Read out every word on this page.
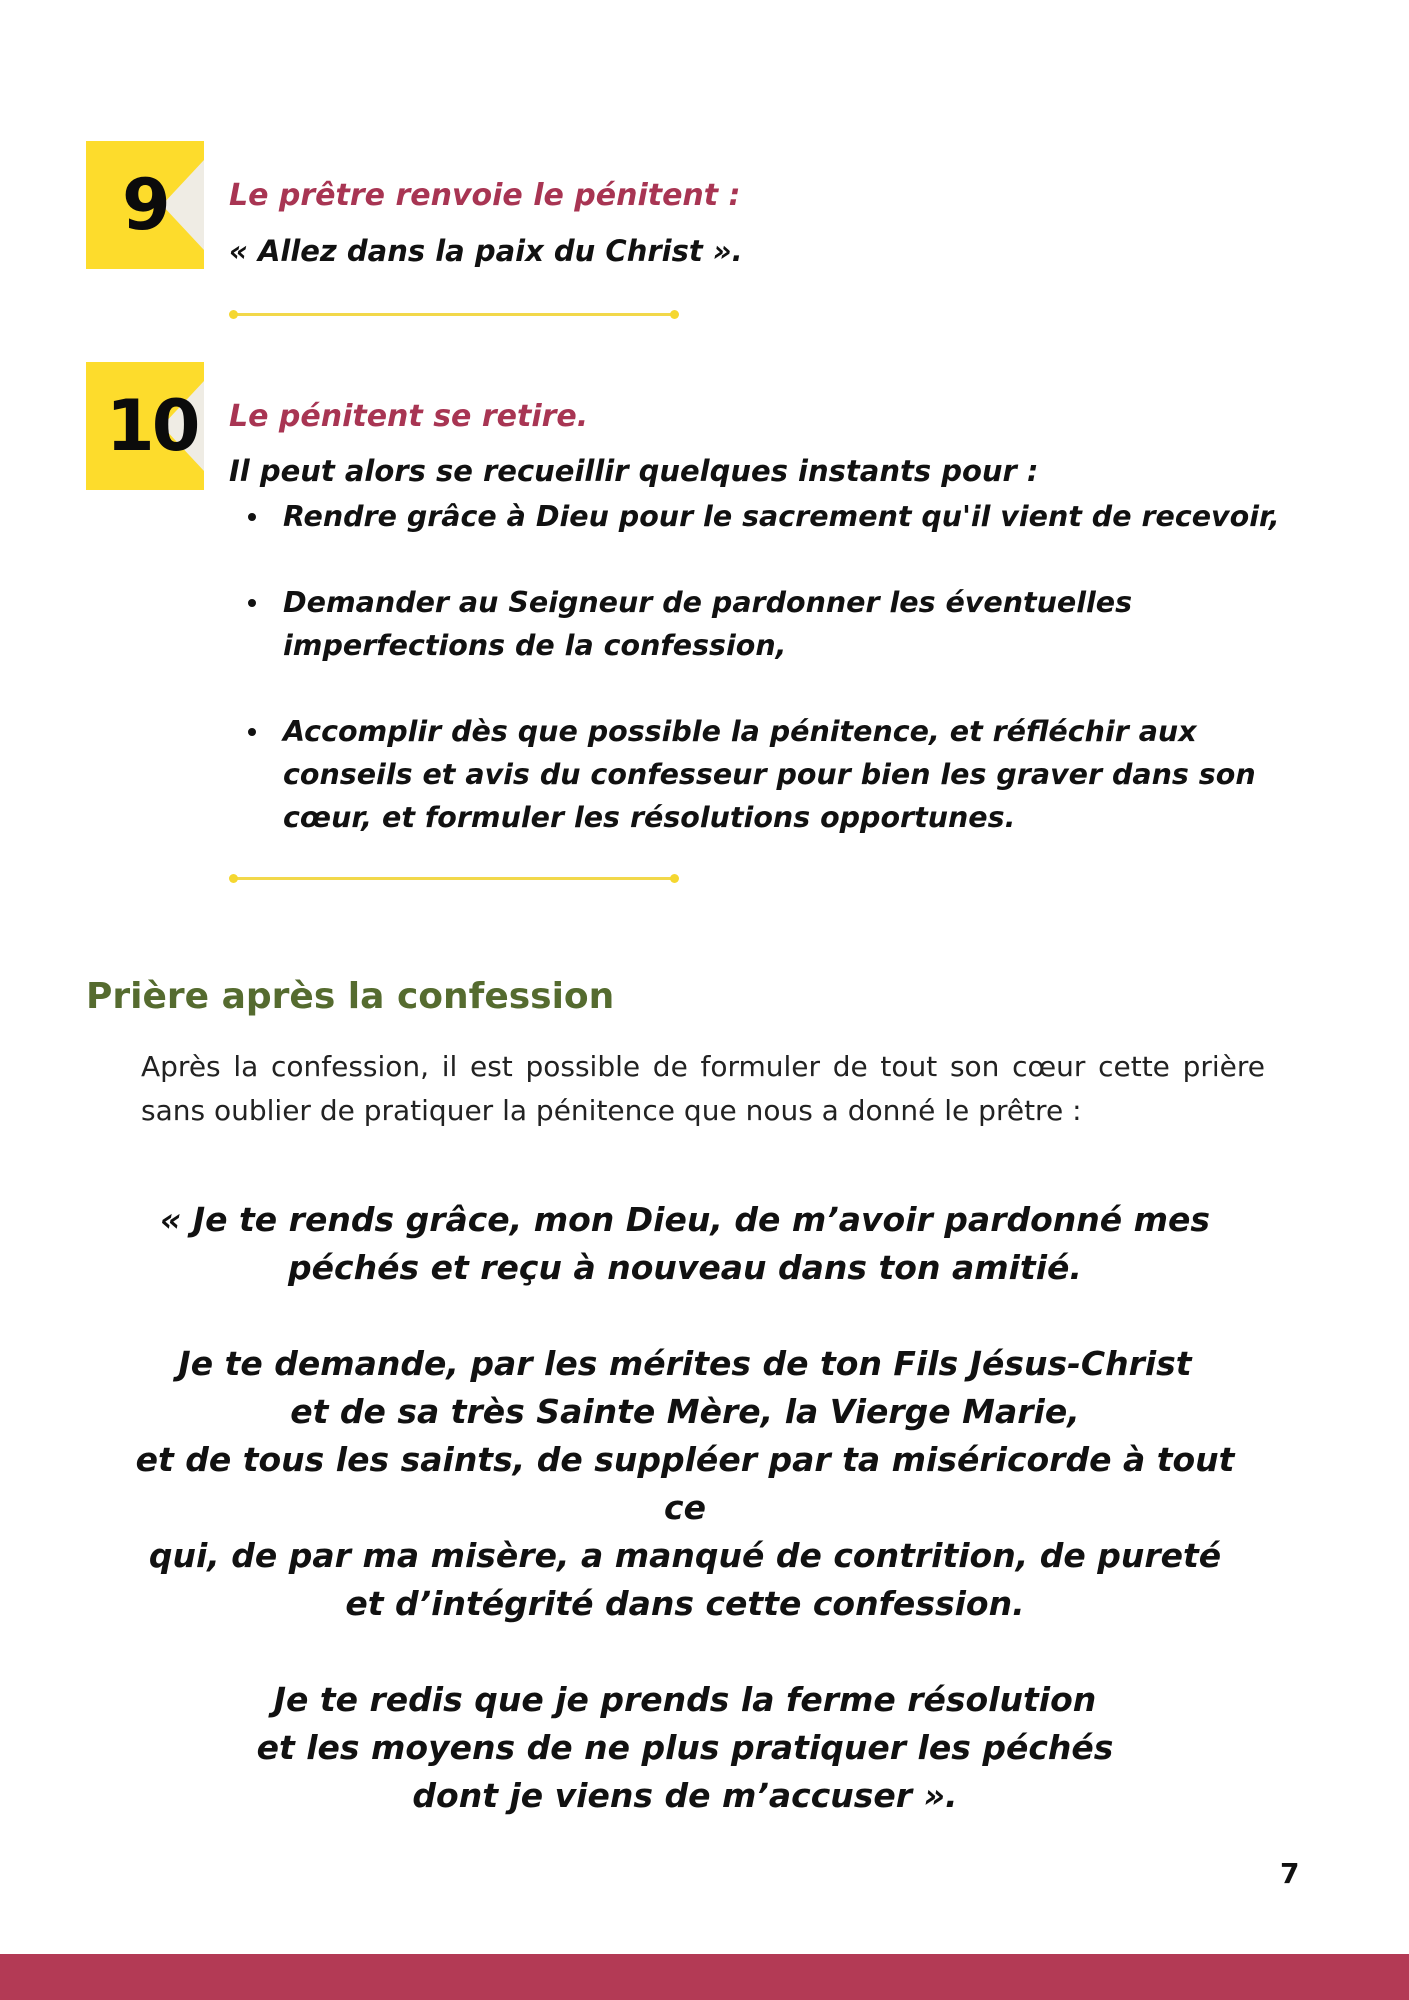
9 Le prêtre renvoie le pénitent :
« Allez dans la paix du Christ ».
10 Le pénitent se retire.
Il peut alors se recueillir quelques instants pour :
Rendre grâce à Dieu pour le sacrement qu'il vient de recevoir,
Demander au Seigneur de pardonner les éventuelles imperfections de la confession,
Accomplir dès que possible la pénitence, et réfléchir aux conseils et avis du confesseur pour bien les graver dans son cœur, et formuler les résolutions opportunes.
Prière après la confession

Après la confession, il est possible de formuler de tout son cœur cette prière sans oublier de pratiquer la pénitence que nous a donné le prêtre :

« Je te rends grâce, mon Dieu, de m’avoir pardonné mes
péchés et reçu à nouveau dans ton amitié.

Je te demande, par les mérites de ton Fils Jésus-Christ
et de sa très Sainte Mère, la Vierge Marie,
et de tous les saints, de suppléer par ta miséricorde à tout ce
qui, de par ma misère, a manqué de contrition, de pureté
et d’intégrité dans cette confession.

Je te redis que je prends la ferme résolution
et les moyens de ne plus pratiquer les péchés
dont je viens de m’accuser ».

7
